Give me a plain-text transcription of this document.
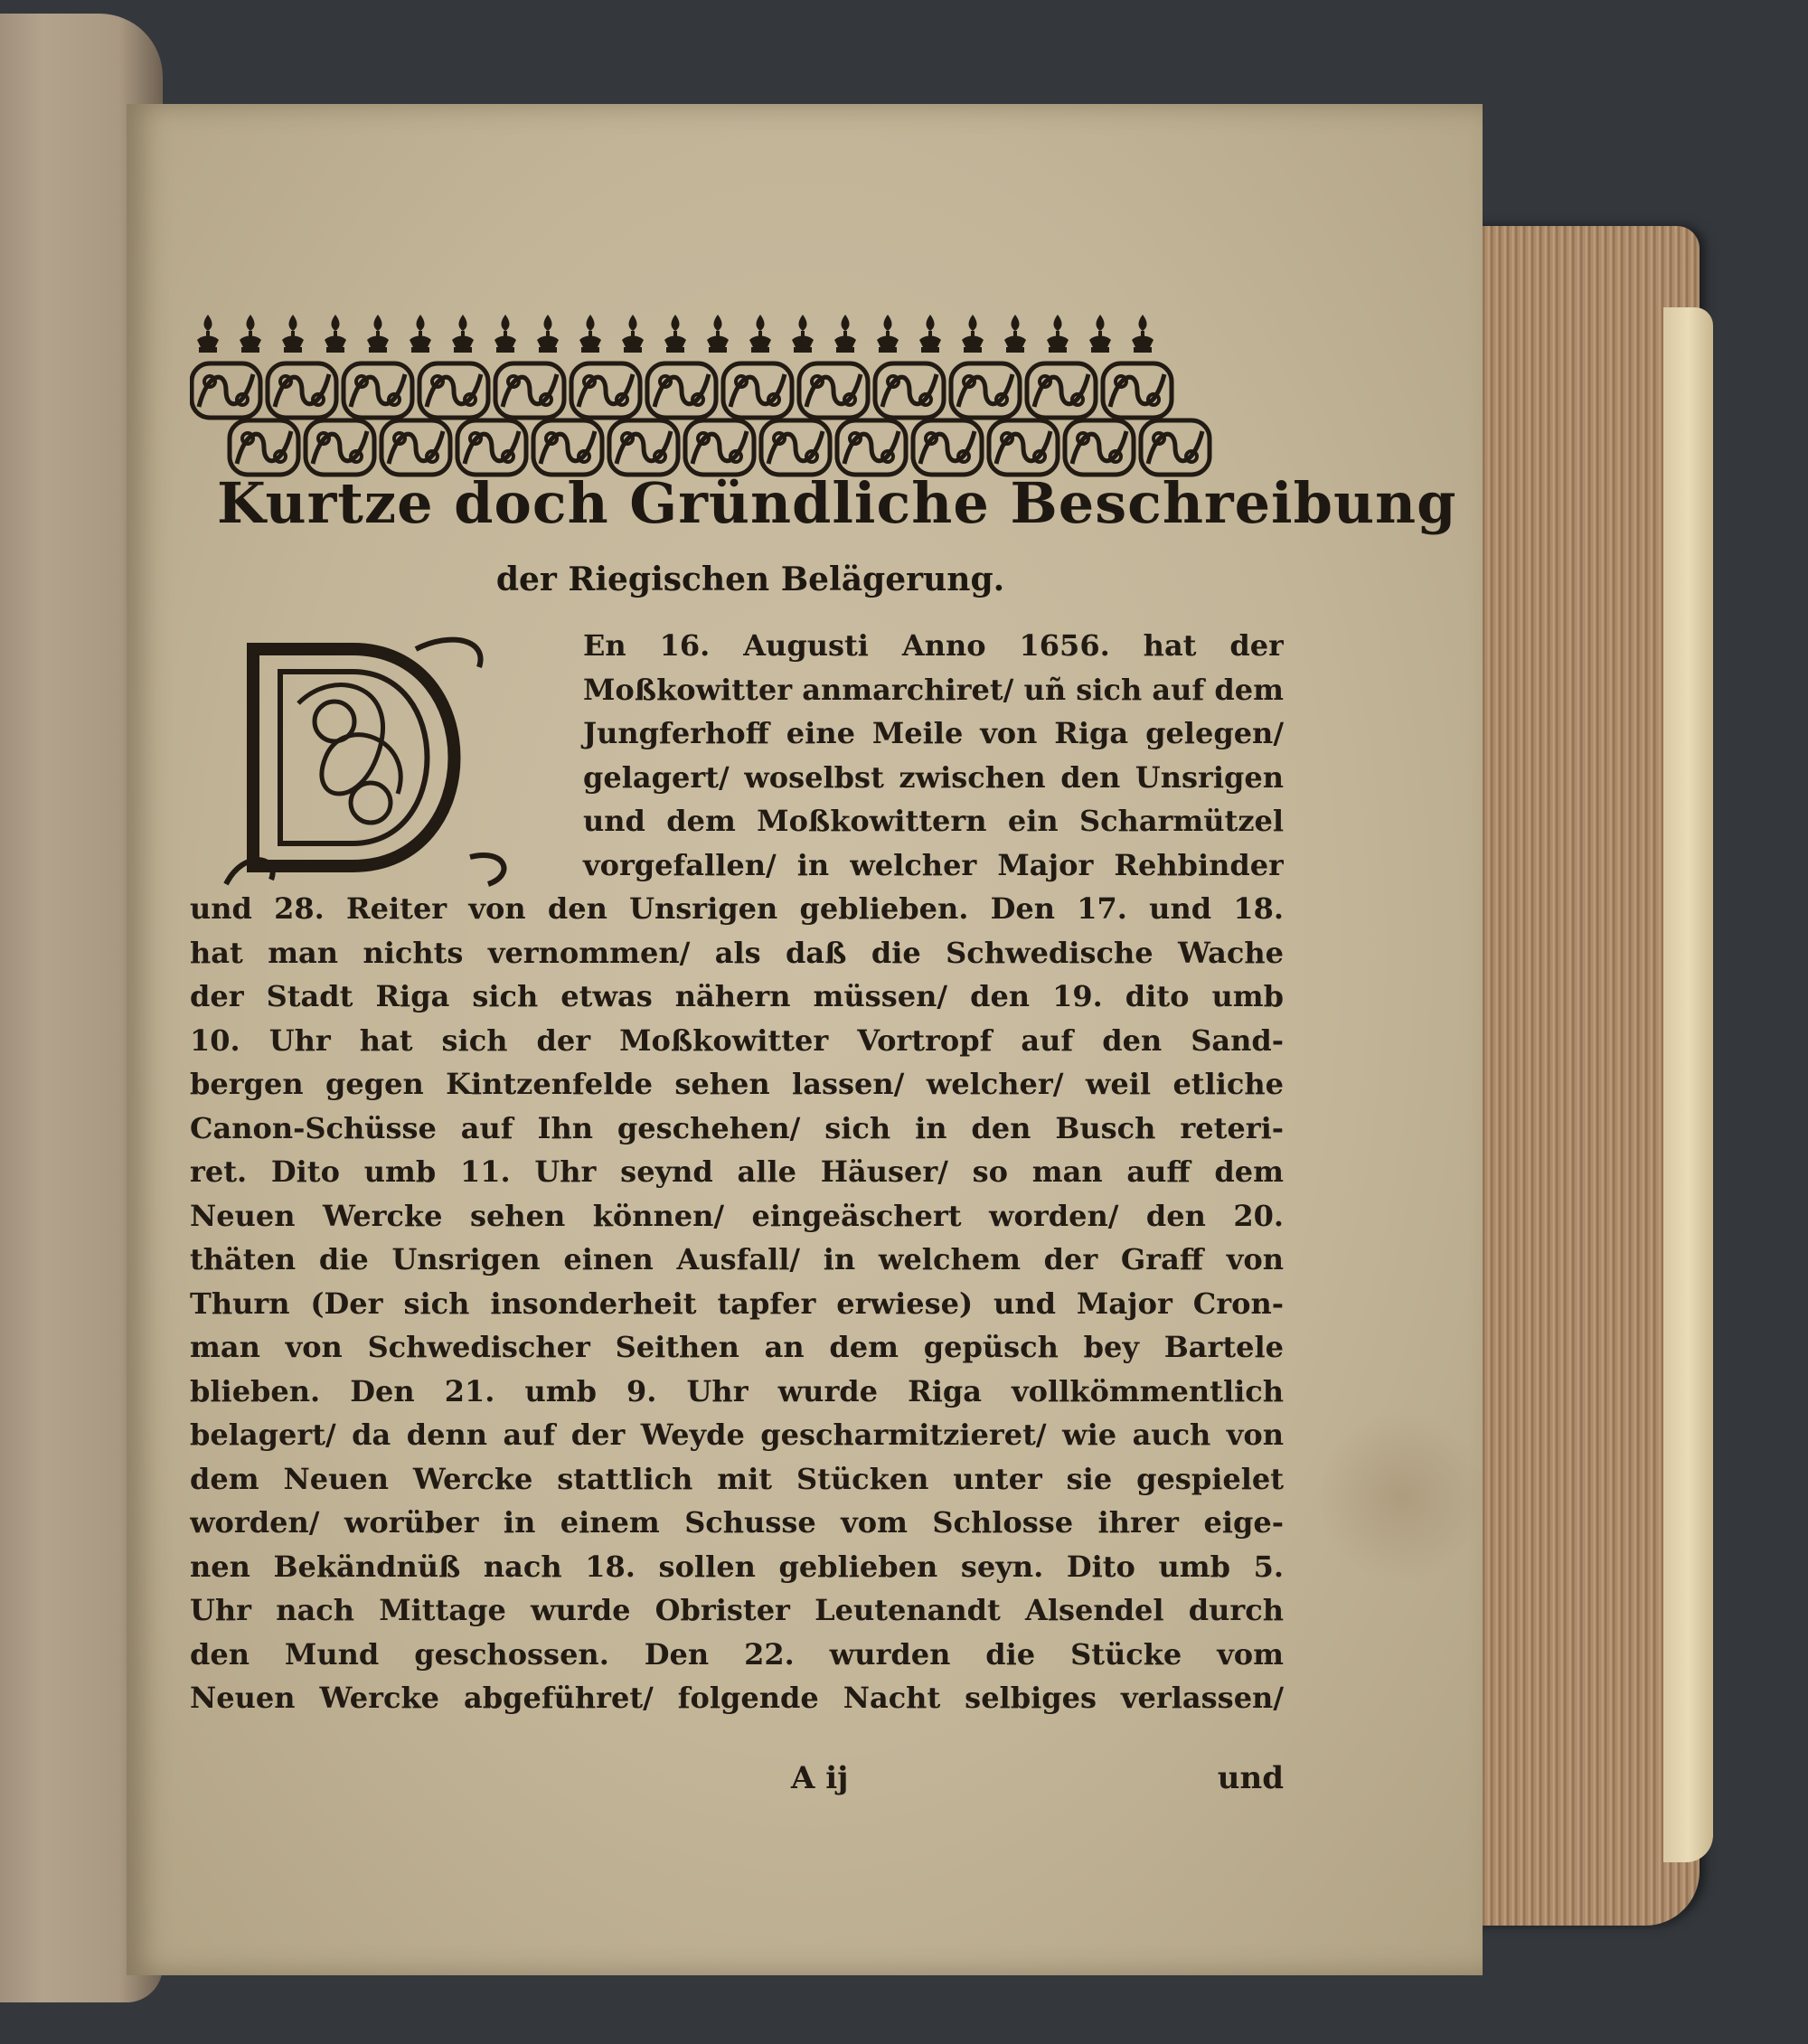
Kurtze doch Gründliche Beschreibung
der Riegischen Belägerung.
En 16. Augusti Anno 1656. hat der
Moßkowitter anmarchiret/ uñ sich auf dem
Jungferhoff eine Meile von Riga gelegen/
gelagert/ woselbst zwischen den Unsrigen
und dem Moßkowittern ein Scharmützel
vorgefallen/ in welcher Major Rehbinder
und 28. Reiter von den Unsrigen geblieben. Den 17. und 18.
hat man nichts vernommen/ als daß die Schwedische Wache
der Stadt Riga sich etwas nähern müssen/ den 19. dito umb
10. Uhr hat sich der Moßkowitter Vortropf auf den Sand-
bergen gegen Kintzenfelde sehen lassen/ welcher/ weil etliche
Canon-Schüsse auf Ihn geschehen/ sich in den Busch reteri-
ret. Dito umb 11. Uhr seynd alle Häuser/ so man auff dem
Neuen Wercke sehen können/ eingeäschert worden/ den 20.
thäten die Unsrigen einen Ausfall/ in welchem der Graff von
Thurn (Der sich insonderheit tapfer erwiese) und Major Cron-
man von Schwedischer Seithen an dem gepüsch bey Bartele
blieben. Den 21. umb 9. Uhr wurde Riga vollkömmentlich
belagert/ da denn auf der Weyde gescharmitzieret/ wie auch von
dem Neuen Wercke stattlich mit Stücken unter sie gespielet
worden/ worüber in einem Schusse vom Schlosse ihrer eige-
nen Bekändnüß nach 18. sollen geblieben seyn. Dito umb 5.
Uhr nach Mittage wurde Obrister Leutenandt Alsendel durch
den Mund geschossen. Den 22. wurden die Stücke vom
Neuen Wercke abgeführet/ folgende Nacht selbiges verlassen/
A ij	und
